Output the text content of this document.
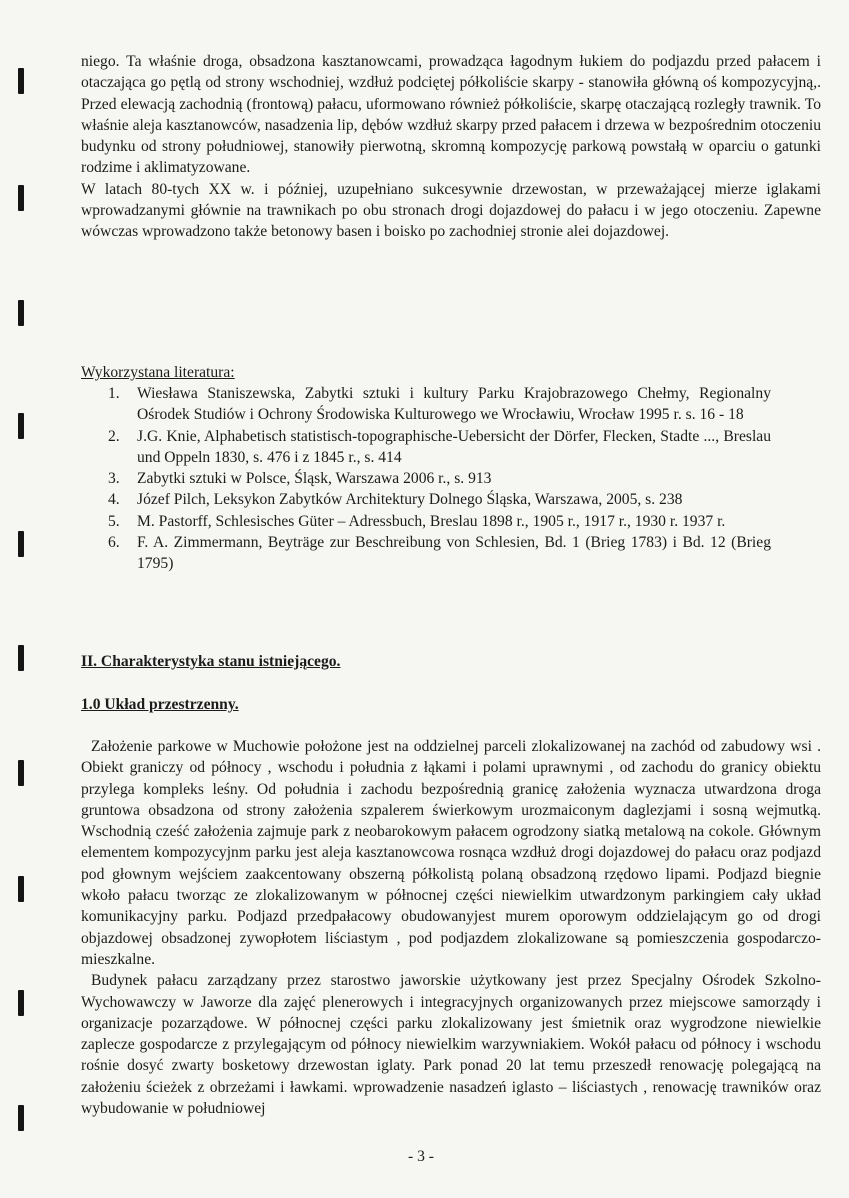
niego. Ta właśnie droga, obsadzona kasztanowcami, prowadząca łagodnym łukiem do podjazdu przed pałacem i otaczająca go pętlą od strony wschodniej, wzdłuż podciętej półkoliście skarpy - stanowiła główną oś kompozycyjną,. Przed elewacją zachodnią (frontową) pałacu, uformowano również półkoliście, skarpę otaczającą rozległy trawnik. To właśnie aleja kasztanowców, nasadzenia lip, dębów wzdłuż skarpy przed pałacem i drzewa w bezpośrednim otoczeniu budynku od strony południowej, stanowiły pierwotną, skromną kompozycję parkową powstałą w oparciu o gatunki rodzime i aklimatyzowane.

W latach 80-tych XX w. i później, uzupełniano sukcesywnie drzewostan, w przeważającej mierze iglakami wprowadzanymi głównie na trawnikach po obu stronach drogi dojazdowej do pałacu i w jego otoczeniu. Zapewne wówczas wprowadzono także betonowy basen i boisko po zachodniej stronie alei dojazdowej.

Wykorzystana literatura:

1. Wiesława Staniszewska, Zabytki sztuki i kultury Parku Krajobrazowego Chełmy, Regionalny Ośrodek Studiów i Ochrony Środowiska Kulturowego we Wrocławiu, Wrocław 1995 r. s. 16 - 18
2. J.G. Knie, Alphabetisch statistisch-topographische-Uebersicht der Dörfer, Flecken, Stadte ..., Breslau und Oppeln 1830, s. 476 i z 1845 r., s. 414
3. Zabytki sztuki w Polsce, Śląsk, Warszawa 2006 r., s. 913
4. Józef Pilch, Leksykon Zabytków Architektury Dolnego Śląska, Warszawa, 2005, s. 238
5. M. Pastorff, Schlesisches Güter – Adressbuch, Breslau 1898 r., 1905 r., 1917 r., 1930 r. 1937 r.
6. F. A. Zimmermann, Beyträge zur Beschreibung von Schlesien, Bd. 1 (Brieg 1783) i Bd. 12 (Brieg 1795)

II. Charakterystyka stanu istniejącego.

1.0 Układ przestrzenny.

Założenie parkowe w Muchowie położone jest na oddzielnej parceli zlokalizowanej na zachód od zabudowy wsi . Obiekt graniczy od północy , wschodu i południa z łąkami i polami uprawnymi , od zachodu do granicy obiektu przylega kompleks leśny. Od południa i zachodu bezpośrednią granicę założenia wyznacza utwardzona droga gruntowa obsadzona od strony założenia szpalerem świerkowym urozmaiconym daglezjami i sosną wejmutką. Wschodnią cześć założenia zajmuje park z neobarokowym pałacem ogrodzony siatką metalową na cokole. Głównym elementem kompozycyjnm parku jest aleja kasztanowcowa rosnąca wzdłuż drogi dojazdowej do pałacu oraz podjazd pod głownym wejściem zaakcentowany obszerną półkolistą polaną obsadzoną rzędowo lipami. Podjazd biegnie wkoło pałacu tworząc ze zlokalizowanym w północnej części niewielkim utwardzonym parkingiem cały układ komunikacyjny parku. Podjazd przedpałacowy obudowanyjest murem oporowym oddzielającym go od drogi objazdowej obsadzonej zywopłotem liściastym , pod podjazdem zlokalizowane są pomieszczenia gospodarczo-mieszkalne.

Budynek pałacu zarządzany przez starostwo jaworskie użytkowany jest przez Specjalny Ośrodek Szkolno-Wychowawczy w Jaworze dla zajęć plenerowych i integracyjnych organizowanych przez miejscowe samorządy i organizacje pozarządowe. W północnej części parku zlokalizowany jest śmietnik oraz wygrodzone niewielkie zaplecze gospodarcze z przylegającym od północy niewielkim warzywniakiem. Wokół pałacu od północy i wschodu rośnie dosyć zwarty bosketowy drzewostan iglaty. Park ponad 20 lat temu przeszedł renowację polegającą na założeniu ścieżek z obrzeżami i ławkami. wprowadzenie nasadzeń iglasto – liściastych , renowację trawników oraz wybudowanie w południowej

- 3 -
